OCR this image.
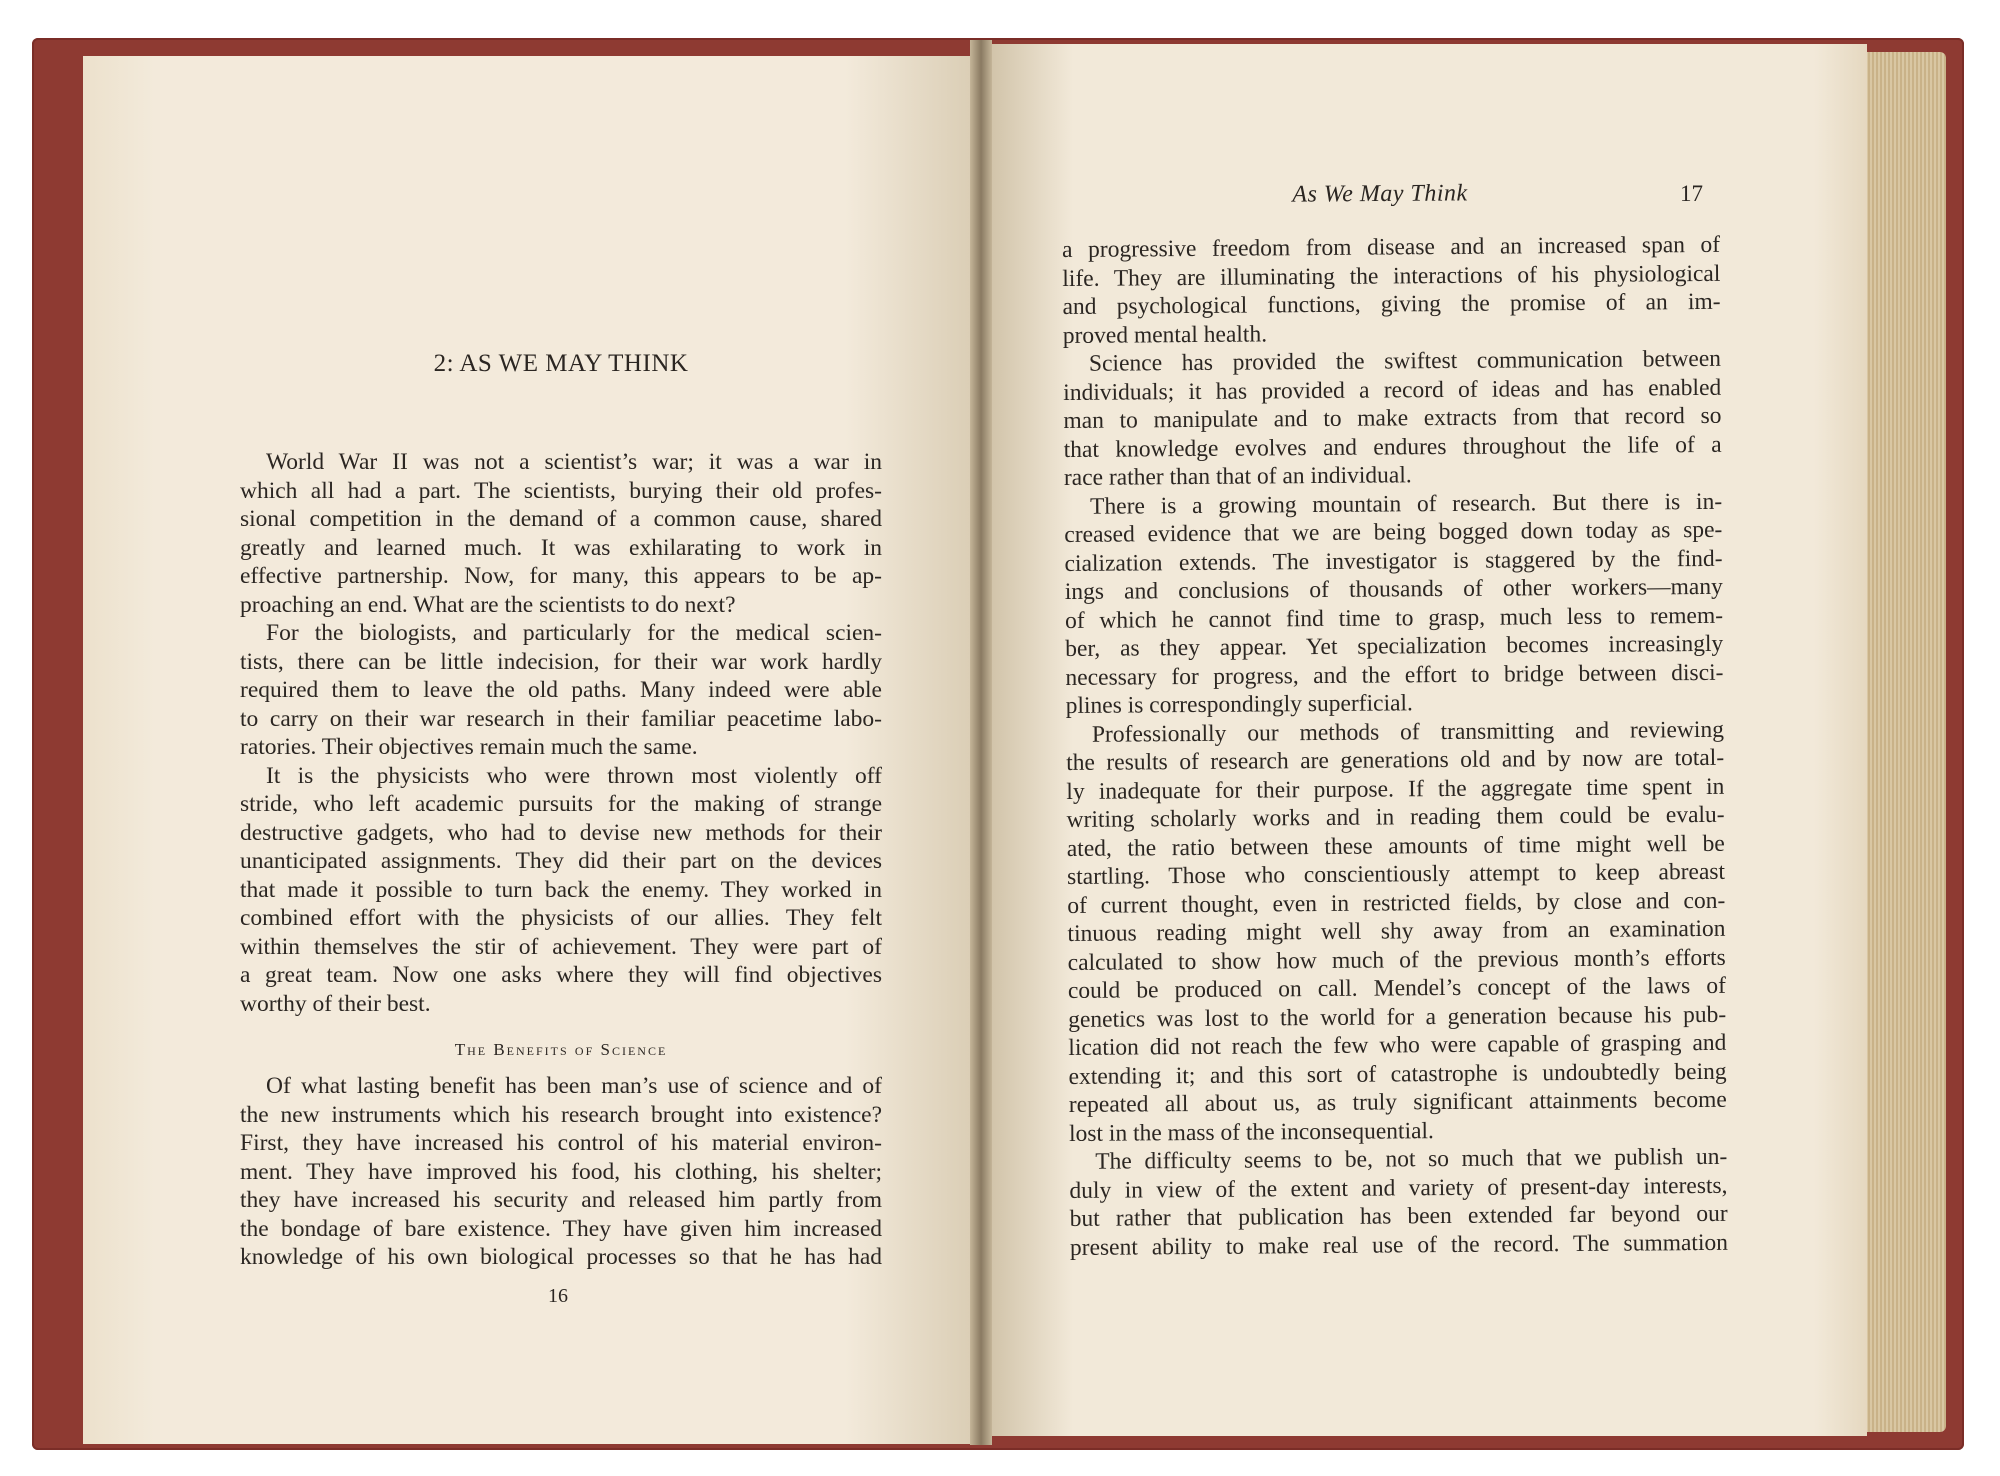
2: AS WE MAY THINK
World War II was not a scientist’s war; it was a war in
which all had a part. The scientists, burying their old profes-
sional competition in the demand of a common cause, shared
greatly and learned much. It was exhilarating to work in
effective partnership. Now, for many, this appears to be ap-
proaching an end. What are the scientists to do next?
For the biologists, and particularly for the medical scien-
tists, there can be little indecision, for their war work hardly
required them to leave the old paths. Many indeed were able
to carry on their war research in their familiar peacetime labo-
ratories. Their objectives remain much the same.
It is the physicists who were thrown most violently off
stride, who left academic pursuits for the making of strange
destructive gadgets, who had to devise new methods for their
unanticipated assignments. They did their part on the devices
that made it possible to turn back the enemy. They worked in
combined effort with the physicists of our allies. They felt
within themselves the stir of achievement. They were part of
a great team. Now one asks where they will find objectives
worthy of their best.
The Benefits of Science
Of what lasting benefit has been man’s use of science and of
the new instruments which his research brought into existence?
First, they have increased his control of his material environ-
ment. They have improved his food, his clothing, his shelter;
they have increased his security and released him partly from
the bondage of bare existence. They have given him increased
knowledge of his own biological processes so that he has had
16
As We May Think	17
a progressive freedom from disease and an increased span of
life. They are illuminating the interactions of his physiological
and psychological functions, giving the promise of an im-
proved mental health.
Science has provided the swiftest communication between
individuals; it has provided a record of ideas and has enabled
man to manipulate and to make extracts from that record so
that knowledge evolves and endures throughout the life of a
race rather than that of an individual.
There is a growing mountain of research. But there is in-
creased evidence that we are being bogged down today as spe-
cialization extends. The investigator is staggered by the find-
ings and conclusions of thousands of other workers—many
of which he cannot find time to grasp, much less to remem-
ber, as they appear. Yet specialization becomes increasingly
necessary for progress, and the effort to bridge between disci-
plines is correspondingly superficial.
Professionally our methods of transmitting and reviewing
the results of research are generations old and by now are total-
ly inadequate for their purpose. If the aggregate time spent in
writing scholarly works and in reading them could be evalu-
ated, the ratio between these amounts of time might well be
startling. Those who conscientiously attempt to keep abreast
of current thought, even in restricted fields, by close and con-
tinuous reading might well shy away from an examination
calculated to show how much of the previous month’s efforts
could be produced on call. Mendel’s concept of the laws of
genetics was lost to the world for a generation because his pub-
lication did not reach the few who were capable of grasping and
extending it; and this sort of catastrophe is undoubtedly being
repeated all about us, as truly significant attainments become
lost in the mass of the inconsequential.
The difficulty seems to be, not so much that we publish un-
duly in view of the extent and variety of present-day interests,
but rather that publication has been extended far beyond our
present ability to make real use of the record. The summation
